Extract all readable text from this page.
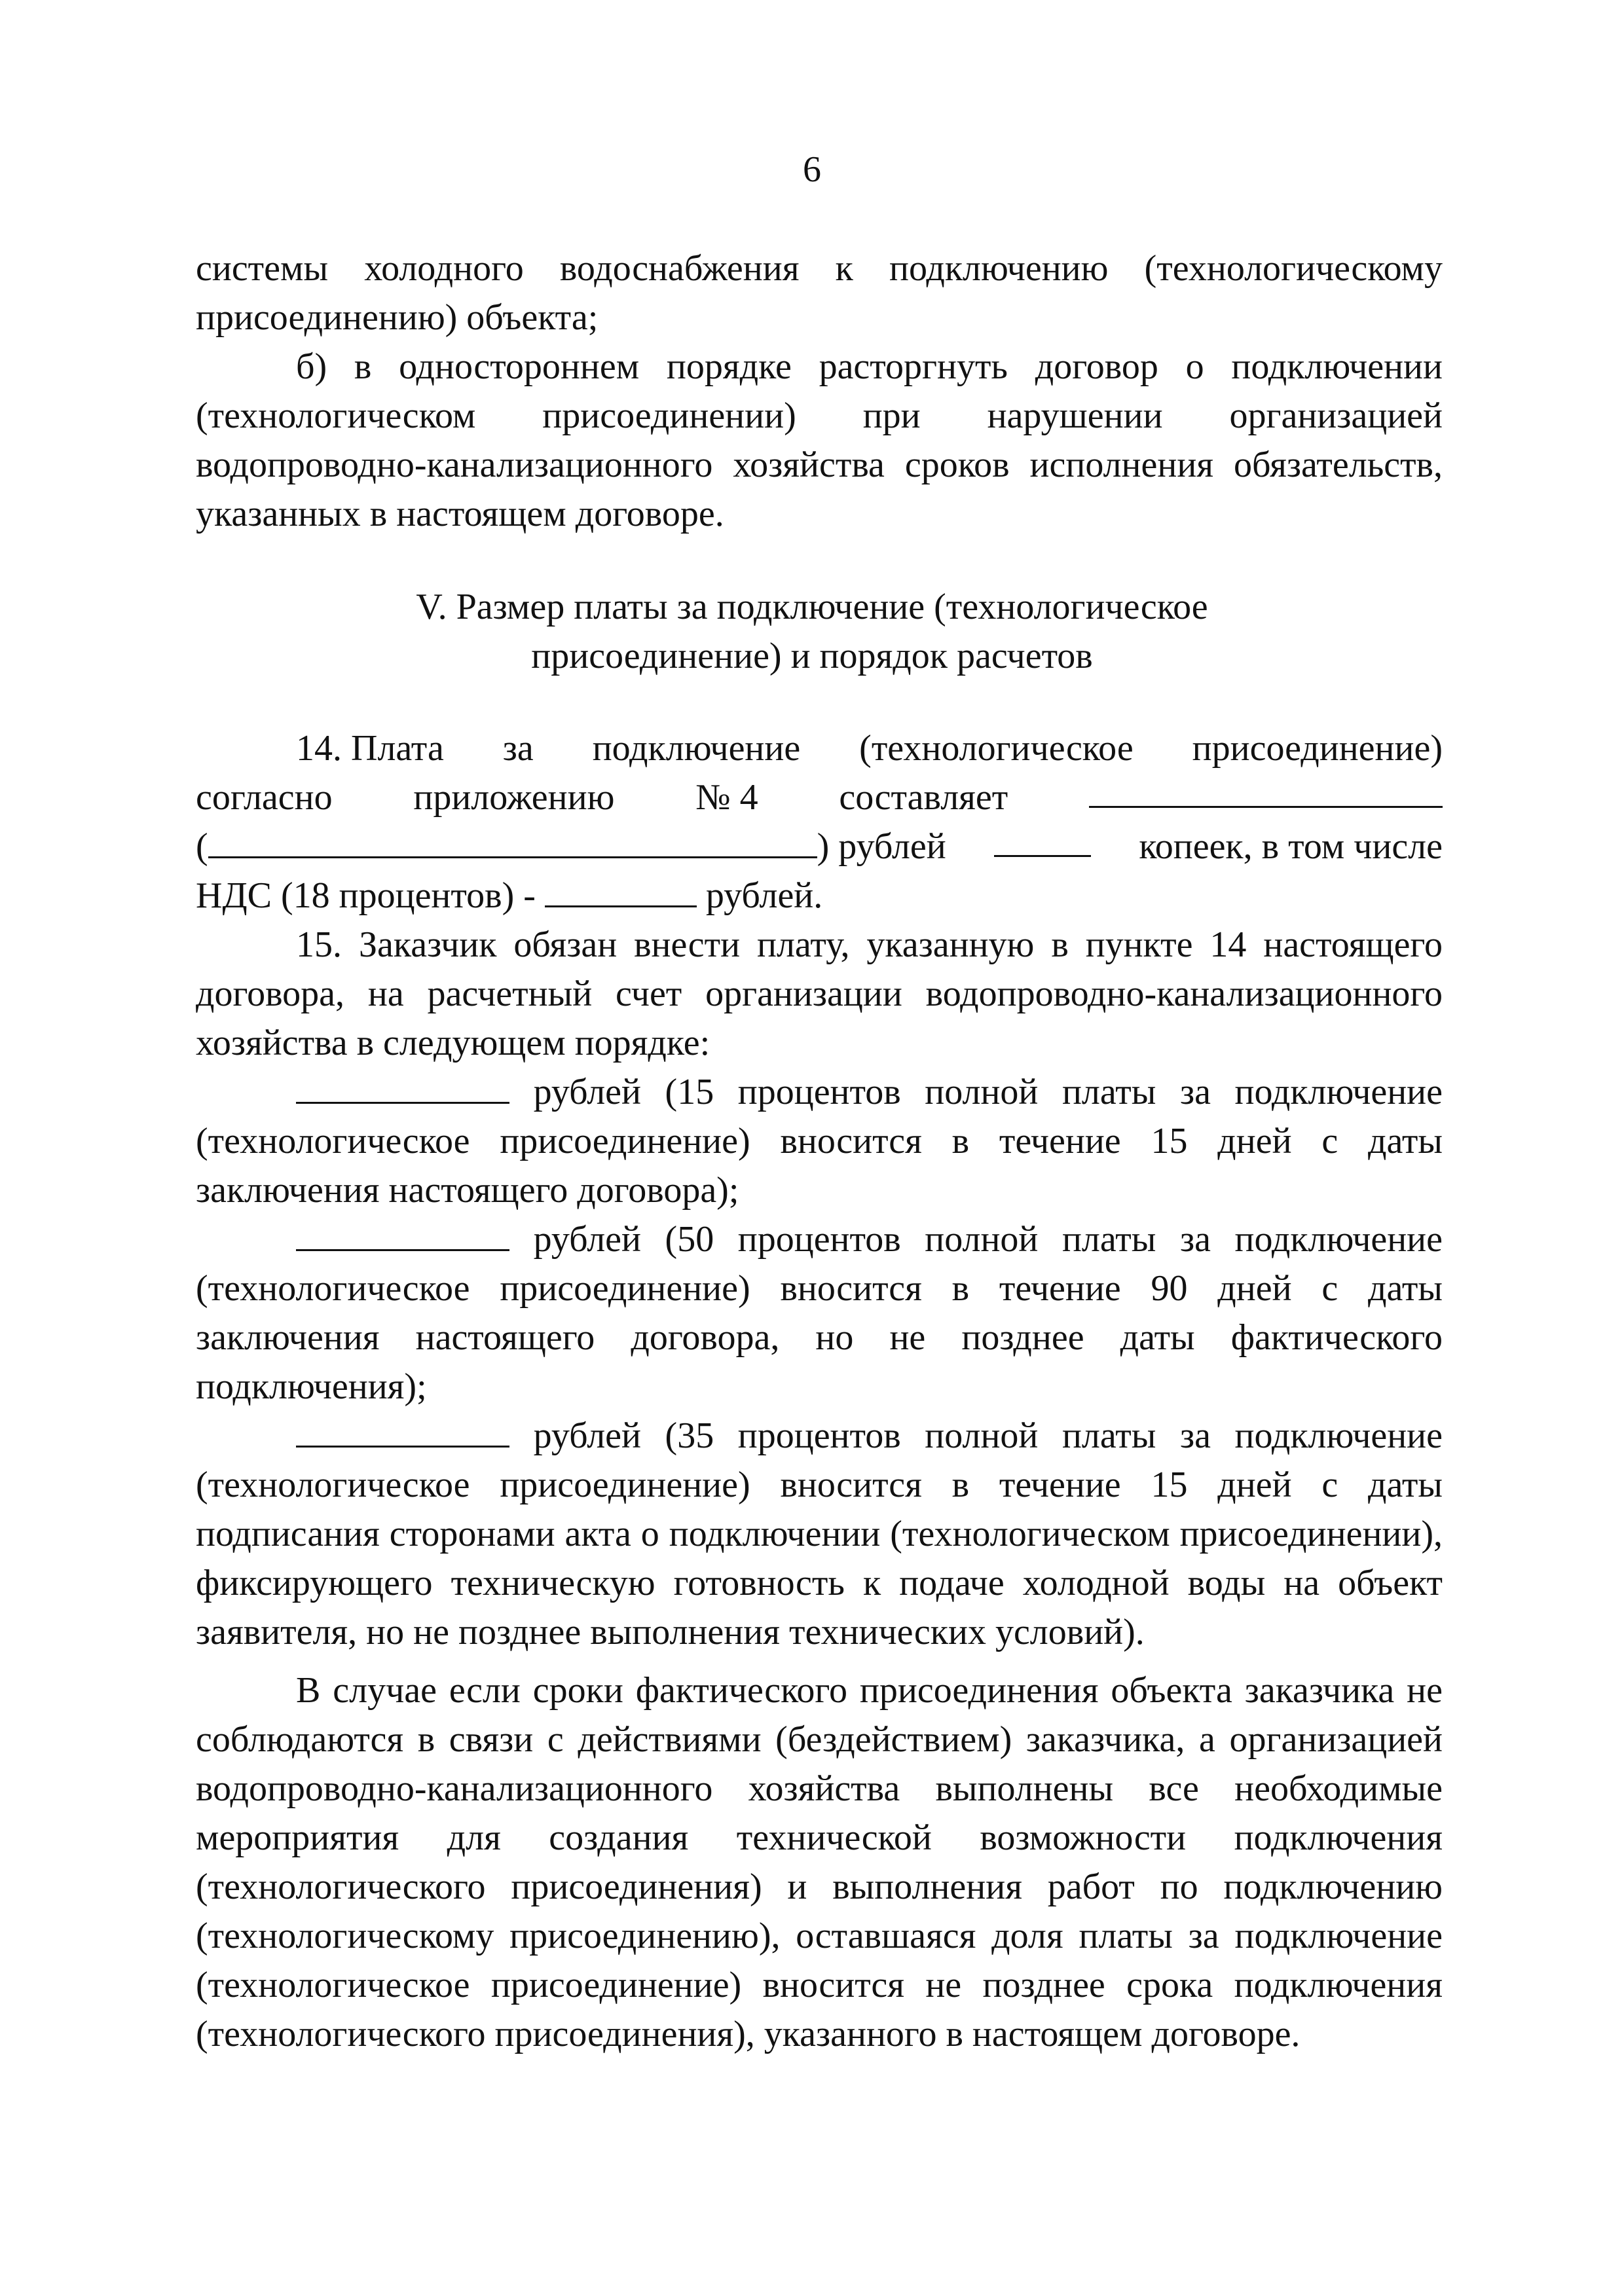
6

системы холодного водоснабжения к подключению (технологическому присоединению) объекта;

б) в одностороннем порядке расторгнуть договор о подключении (технологическом присоединении) при нарушении организацией водопроводно-канализационного хозяйства сроков исполнения обязательств, указанных в настоящем договоре.

V. Размер платы за подключение (технологическое
присоединение) и порядок расчетов
14. Плата за подключение (технологическое присоединение)
согласно приложению № 4 составляет
(	) рублей	копеек, в том числе
НДС (18 процентов) -	рублей.

15. Заказчик обязан внести плату, указанную в пункте 14 настоящего договора, на расчетный счет организации водопроводно-канализационного хозяйства в следующем порядке:

рублей (15 процентов полной платы за подключение (технологическое присоединение) вносится в течение 15 дней с даты заключения настоящего договора);

рублей (50 процентов полной платы за подключение (технологическое присоединение) вносится в течение 90 дней с даты заключения настоящего договора, но не позднее даты фактического подключения);

рублей (35 процентов полной платы за подключение (технологическое присоединение) вносится в течение 15 дней с даты подписания сторонами акта о подключении (технологическом присоединении), фиксирующего техническую готовность к подаче холодной воды на объект заявителя, но не позднее выполнения технических условий).

В случае если сроки фактического присоединения объекта заказчика не соблюдаются в связи с действиями (бездействием) заказчика, а организацией водопроводно-канализационного хозяйства выполнены все необходимые мероприятия для создания технической возможности подключения (технологического присоединения) и выполнения работ по подключению (технологическому присоединению), оставшаяся доля платы за подключение (технологическое присоединение) вносится не позднее срока подключения (технологического присоединения), указанного в настоящем договоре.
